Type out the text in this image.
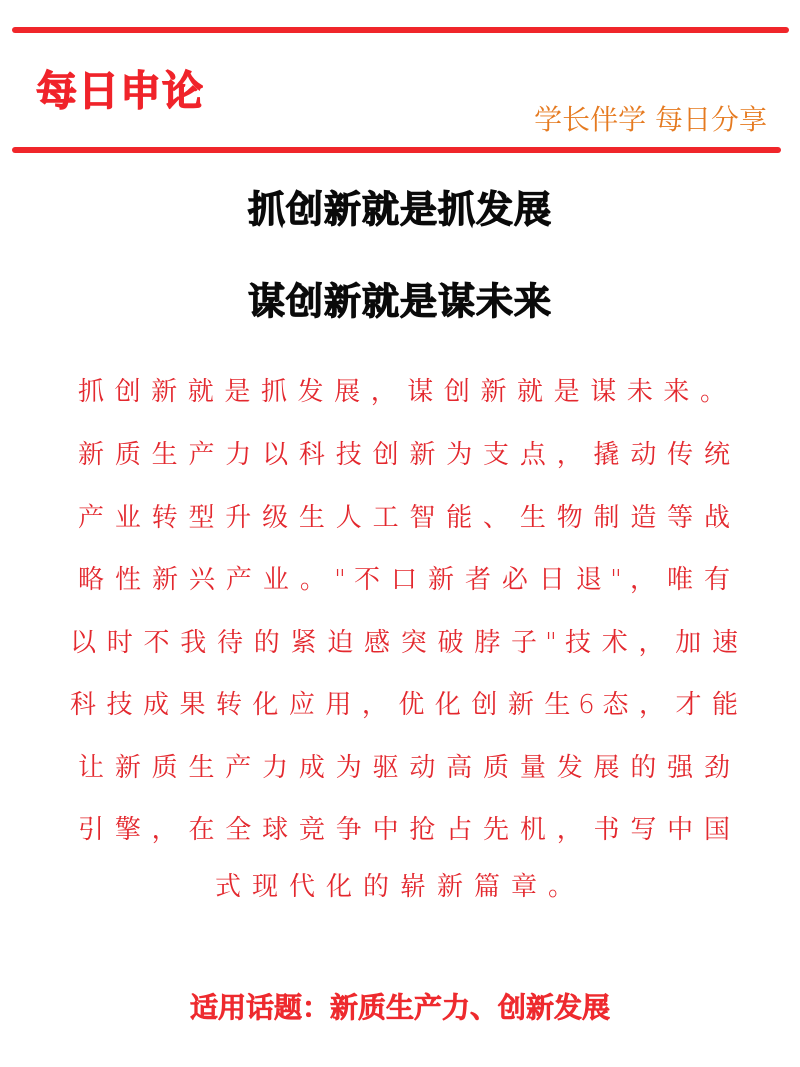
每日申论
学长伴学 每日分享
抓创新就是抓发展
谋创新就是谋未来
抓 创 新 就 是 抓 发 展 ， 谋 创 新 就 是 谋 未 来 。
新 质 生 产 力 以 科 技 创 新 为 支 点 ， 撬 动 传 统
产 业 转 型 升 级 生 人 工 智 能 、 生 物 制 造 等 战
略 性 新 兴 产 业 。 " 不 口 新 者 必 日 退 " ， 唯 有
以 时 不 我 待 的 紧 迫 感 突 破 脖 子 " 技 术 ， 加 速
科 技 成 果 转 化 应 用 ， 优 化 创 新 生 6 态 ， 才 能
让 新 质 生 产 力 成 为 驱 动 高 质 量 发 展 的 强 劲
引 擎 ， 在 全 球 竞 争 中 抢 占 先 机 ， 书 写 中 国
式现代化的崭新篇章。
适用话题：新质生产力、创新发展
